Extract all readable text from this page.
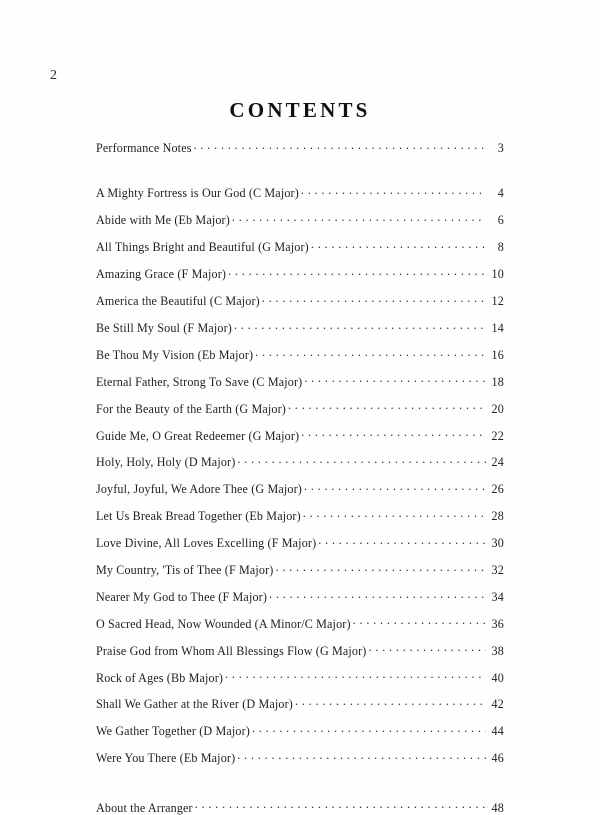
2
CONTENTS
Performance Notes . . .	3
A Mighty Fortress is Our God (C Major) . . .	4
Abide with Me (Eb Major) . . .	6
All Things Bright and Beautiful (G Major) . . .	8
Amazing Grace (F Major) . . .	10
America the Beautiful (C Major) . . .	12
Be Still My Soul (F Major) . . .	14
Be Thou My Vision (Eb Major) . . .	16
Eternal Father, Strong To Save (C Major) . . .	18
For the Beauty of the Earth (G Major) . . .	20
Guide Me, O Great Redeemer (G Major) . . .	22
Holy, Holy, Holy (D Major) . . .	24
Joyful, Joyful, We Adore Thee (G Major) . . .	26
Let Us Break Bread Together (Eb Major) . . .	28
Love Divine, All Loves Excelling (F Major) . . .	30
My Country, 'Tis of Thee (F Major) . . .	32
Nearer My God to Thee (F Major) . . .	34
O Sacred Head, Now Wounded (A Minor/C Major) . . .	36
Praise God from Whom All Blessings Flow (G Major) . . .	38
Rock of Ages (Bb Major) . . .	40
Shall We Gather at the River (D Major) . . .	42
We Gather Together (D Major) . . .	44
Were You There (Eb Major) . . .	46
About the Arranger . . .	48
